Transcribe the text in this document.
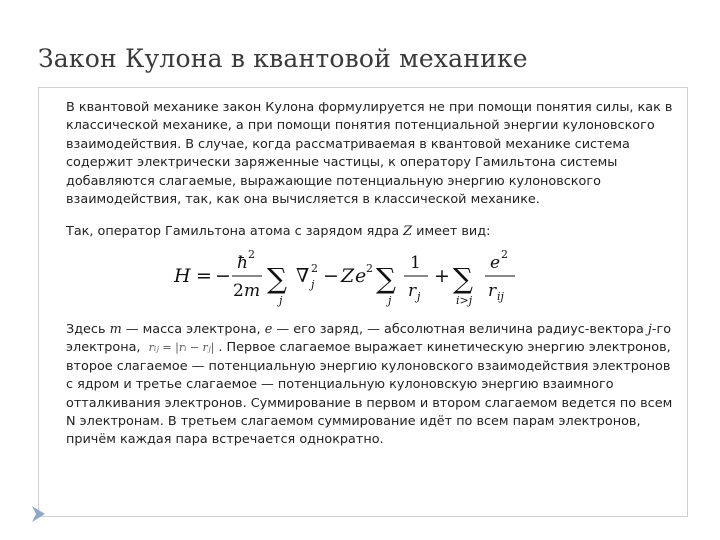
Закон Кулона в квантовой механике
В квантовой механике закон Кулона формулируется не при помощи понятия силы, как в классической механике, а при помощи понятия потенциальной энергии кулоновского взаимодействия. В случае, когда рассматриваемая в квантовой механике система содержит электрически заряженные частицы, к оператору Гамильтона системы добавляются слагаемые, выражающие потенциальную энергию кулоновского взаимодействия, так, как она вычисляется в классической механике.
Так, оператор Гамильтона атома с зарядом ядра Z имеет вид:
H = −
ħ 2
2 m ∑
j
∇ 2
j − Z e 2 ∑
j
1
r j
+ ∑
i>j
e 2
r ij
Здесь m — масса электрона, е — его заряд, — абсолютная величина радиус-вектора j-го электрона, rᵢⱼ = |rᵢ − rⱼ| . Первое слагаемое выражает кинетическую энергию электронов, второе слагаемое — потенциальную энергию кулоновского взаимодействия электронов с ядром и третье слагаемое — потенциальную кулоновскую энергию взаимного отталкивания электронов. Суммирование в первом и втором слагаемом ведется по всем N электронам. В третьем слагаемом суммирование идёт по всем парам электронов, причём каждая пара встречается однократно.
